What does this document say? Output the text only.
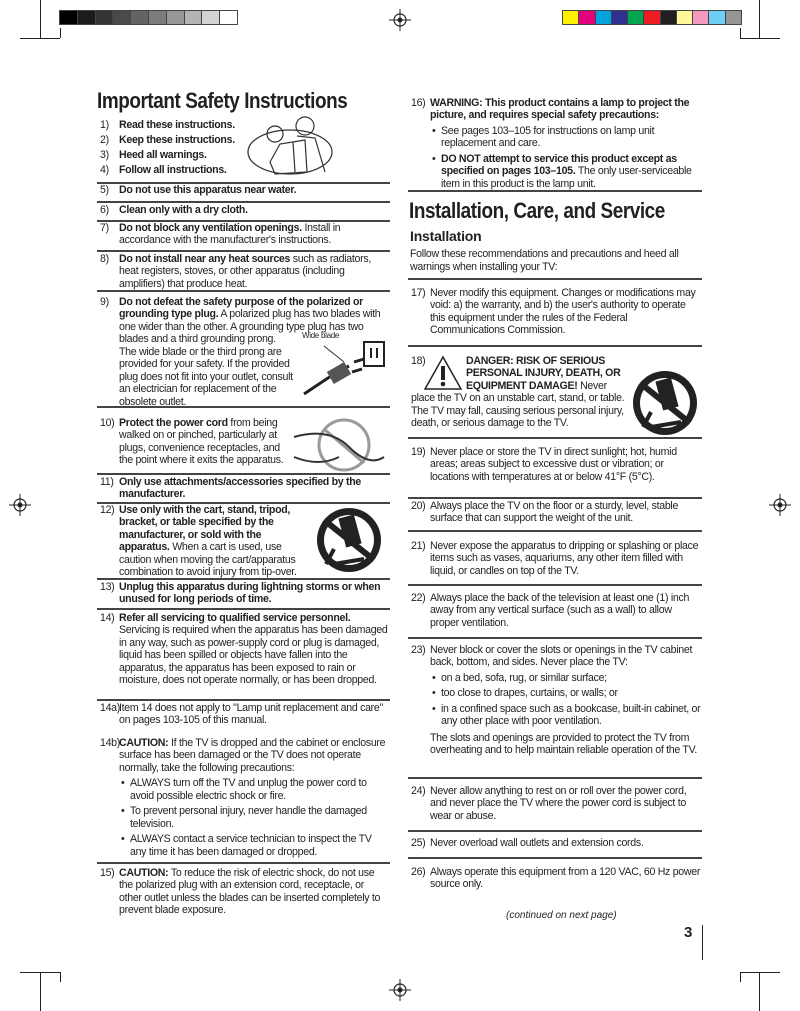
Important Safety Instructions
Installation, Care, and Service
Installation
Follow these recommendations and precautions and heed all warnings when installing your TV:
3
(continued on next page)
1) Read these instructions.
2) Keep these instructions.
3) Heed all warnings.
4) Follow all instructions.
5) Do not use this apparatus near water.
6) Clean only with a dry cloth.
7) Do not block any ventilation openings. Install in accordance with the manufacturer's instructions.
8) Do not install near any heat sources such as radiators, heat registers, stoves, or other apparatus (including amplifiers) that produce heat.
9)
Wide blade
Do not defeat the safety purpose of the polarized or grounding type plug. A polarized plug has two blades with one wider than the other. A grounding type plug has two blades and a third grounding prong. The wide blade or the third prong are provided for your safety. If the provided plug does not fit into your outlet, consult an electrician for replacement of the obsolete outlet.
10) Protect the power cord from being walked on or pinched, particularly at plugs, convenience receptacles, and the point where it exits the apparatus.
11) Only use attachments/accessories specified by the manufacturer.
12) Use only with the cart, stand, tripod, bracket, or table specified by the manufacturer, or sold with the apparatus. When a cart is used, use caution when moving the cart/apparatus combination to avoid injury from tip-over.
13) Unplug this apparatus during lightning storms or when unused for long periods of time.
14) Refer all servicing to qualified service personnel. Servicing is required when the apparatus has been damaged in any way, such as power-supply cord or plug is damaged, liquid has been spilled or objects have fallen into the apparatus, the apparatus has been exposed to rain or moisture, does not operate normally, or has been dropped.
14a)
Item 14 does not apply to "Lamp unit replacement and care" on pages 103-105 of this manual.
14b)
CAUTION: If the TV is dropped and the cabinet or enclosure surface has been damaged or the TV does not operate normally, take the following precautions:
• ALWAYS turn off the TV and unplug the power cord to avoid possible electric shock or fire.
• To prevent personal injury, never handle the damaged television.
• ALWAYS contact a service technician to inspect the TV any time it has been damaged or dropped.
15) CAUTION: To reduce the risk of electric shock, do not use the polarized plug with an extension cord, receptacle, or other outlet unless the blades can be inserted completely to prevent blade exposure.
16) WARNING: This product contains a lamp to project the picture, and requires special safety precautions:
• See pages 103–105 for instructions on lamp unit replacement and care.
• DO NOT attempt to service this product except as specified on pages 103–105. The only user-serviceable item in this product is the lamp unit.
17) Never modify this equipment. Changes or modifications may void: a) the warranty, and b) the user's authority to operate this equipment under the rules of the Federal Communications Commission.
18)	DANGER: RISK OF SERIOUS PERSONAL INJURY, DEATH, OR EQUIPMENT DAMAGE! Never place the TV on an unstable cart, stand, or table. The TV may fall, causing serious personal injury, death, or serious damage to the TV.
19) Never place or store the TV in direct sunlight; hot, humid areas; areas subject to excessive dust or vibration; or locations with temperatures at or below 41°F (5°C).
20) Always place the TV on the floor or a sturdy, level, stable surface that can support the weight of the unit.
21) Never expose the apparatus to dripping or splashing or place items such as vases, aquariums, any other item filled with liquid, or candles on top of the TV.
22) Always place the back of the television at least one (1) inch away from any vertical surface (such as a wall) to allow proper ventilation.
23) Never block or cover the slots or openings in the TV cabinet back, bottom, and sides. Never place the TV:
• on a bed, sofa, rug, or similar surface;
• too close to drapes, curtains, or walls; or
• in a confined space such as a bookcase, built-in cabinet, or any other place with poor ventilation.
The slots and openings are provided to protect the TV from overheating and to help maintain reliable operation of the TV.
24) Never allow anything to rest on or roll over the power cord, and never place the TV where the power cord is subject to wear or abuse.
25) Never overload wall outlets and extension cords.
26) Always operate this equipment from a 120 VAC, 60 Hz power source only.
